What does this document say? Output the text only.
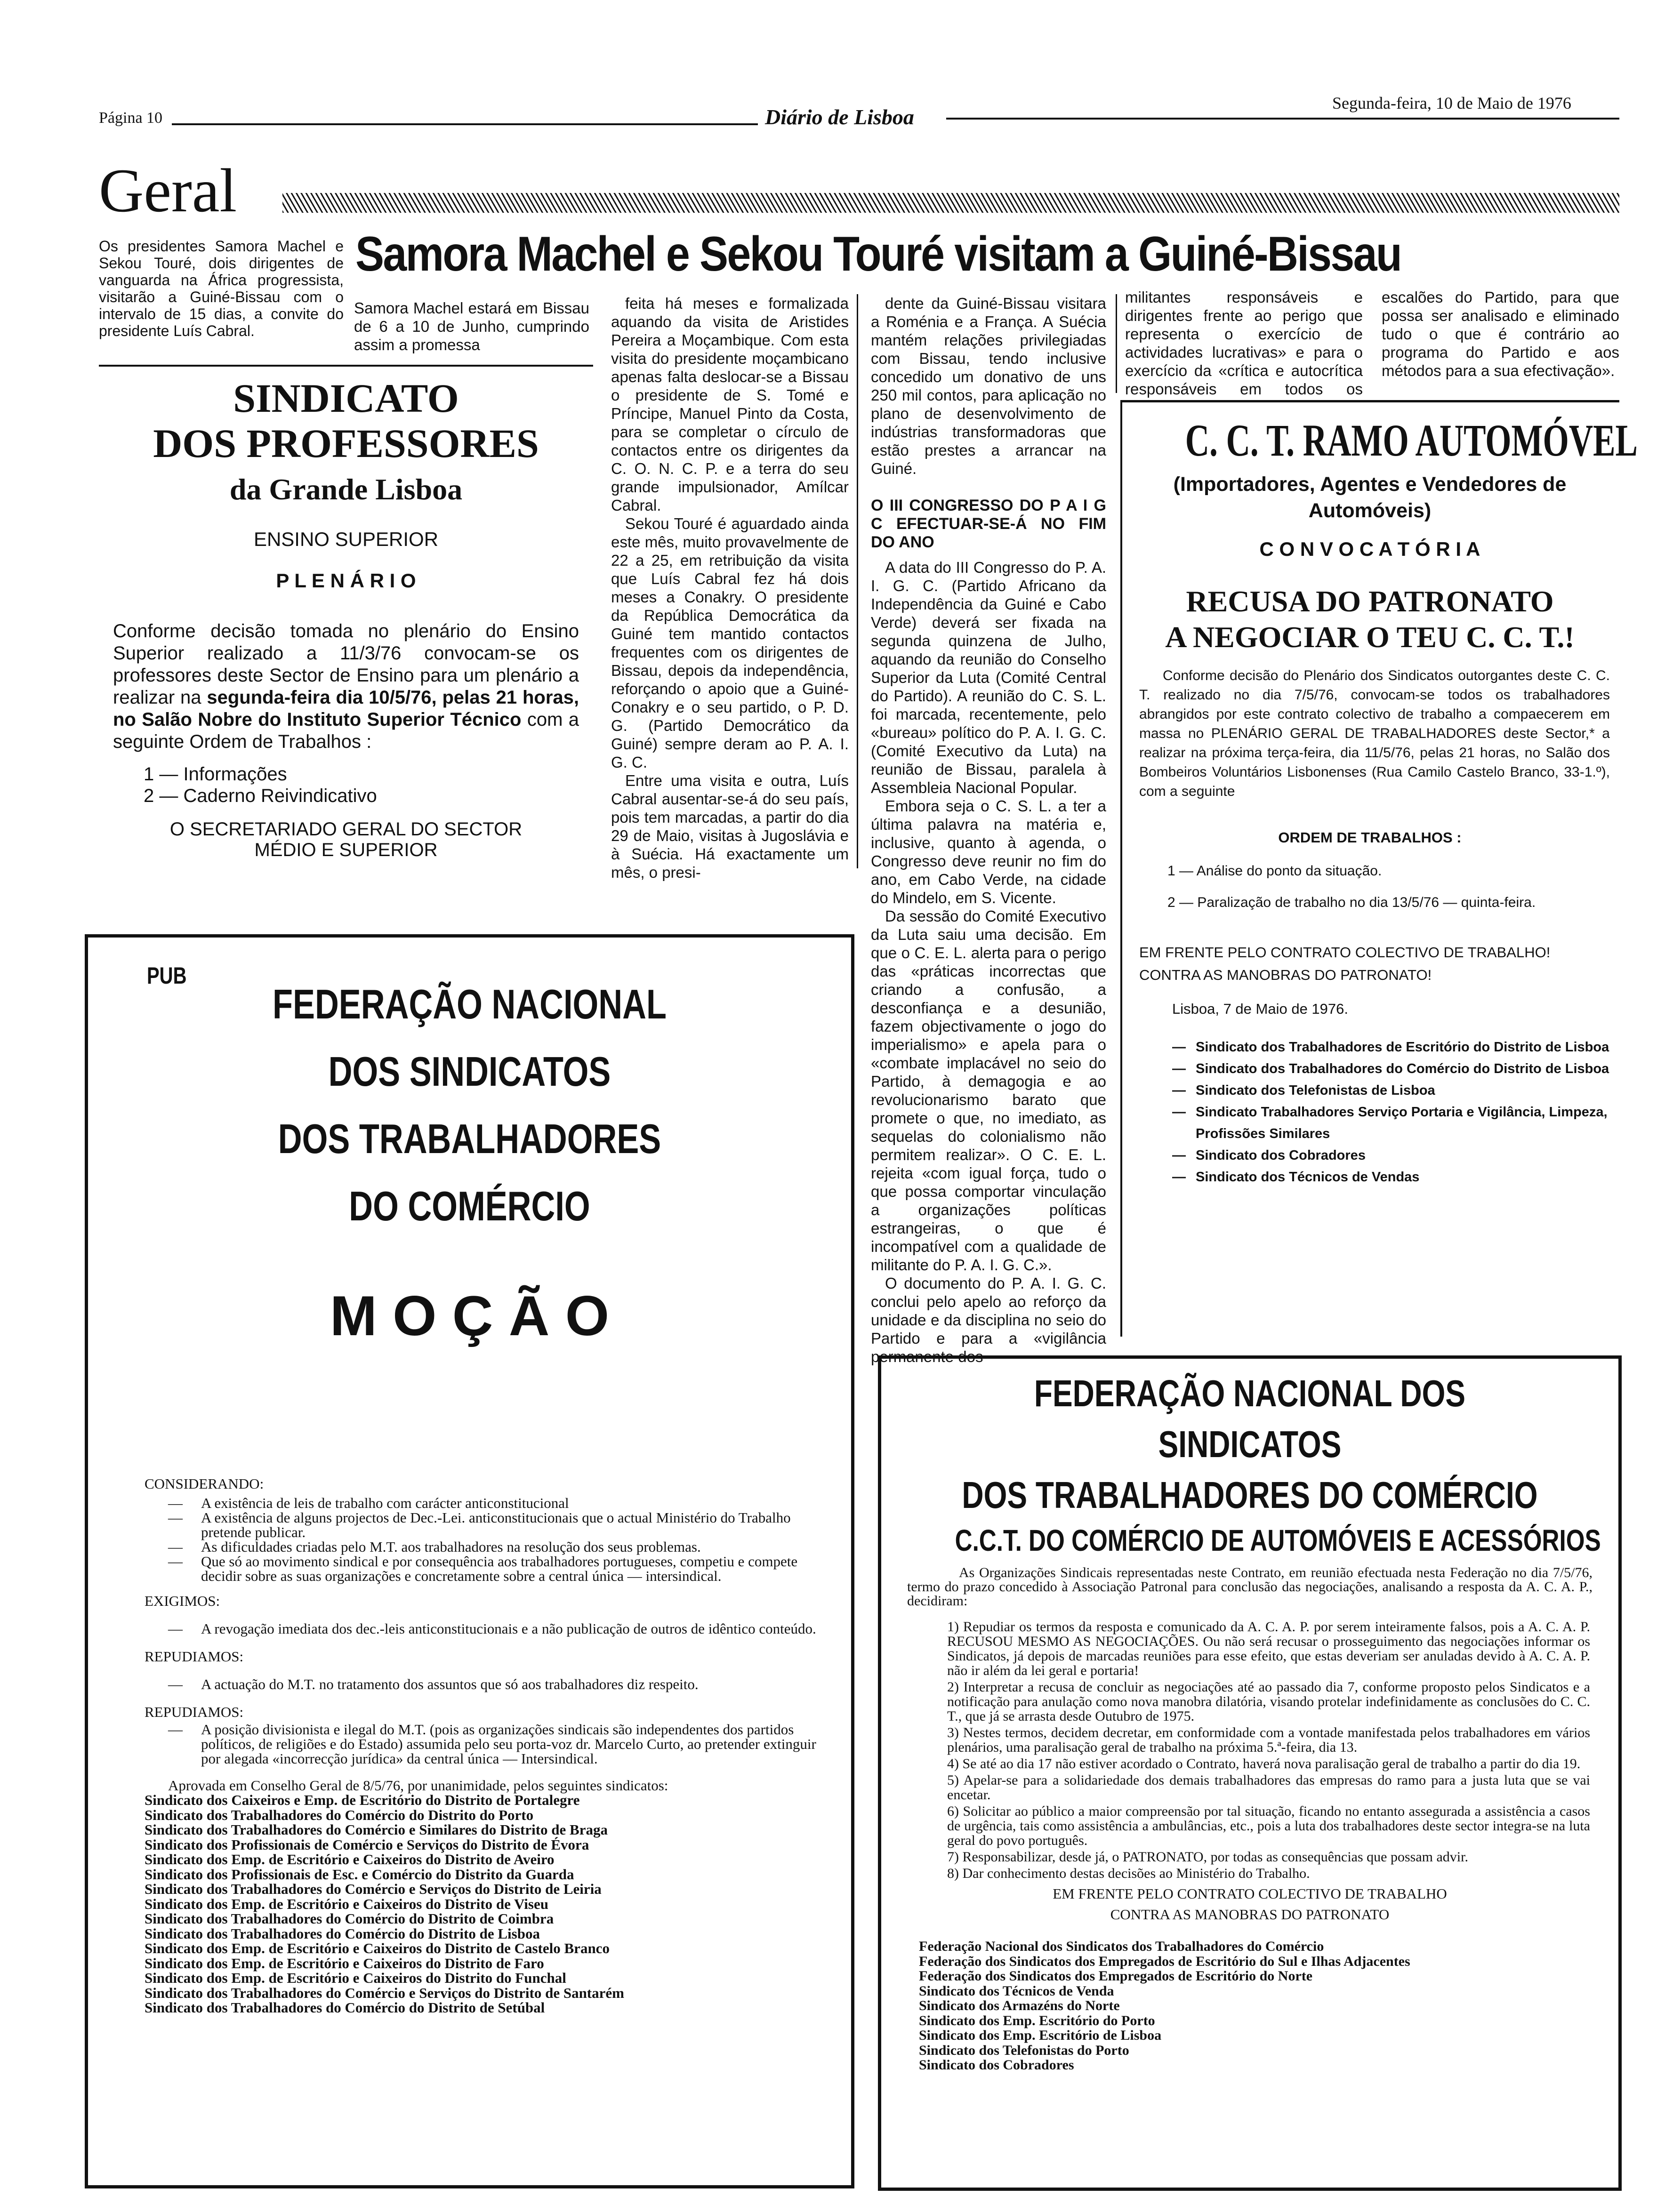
Página 10	Diário de Lisboa
Segunda-feira, 10 de Maio de 1976
Geral
Os presidentes Samora Machel e Sekou Touré, dois dirigentes de vanguarda na África progressista, visitarão a Guiné-Bissau com o intervalo de 15 dias, a convite do presidente Luís Cabral.
Samora Machel e Sekou Touré visitam a Guiné-Bissau
Samora Machel estará em Bissau de 6 a 10 de Junho, cumprindo assim a promessa

feita há meses e formalizada aquando da visita de Aristides Pereira a Moçambique. Com esta visita do presidente moçambicano apenas falta deslocar-se a Bissau o presidente de S. Tomé e Príncipe, Manuel Pinto da Costa, para se completar o círculo de contactos entre os dirigentes da C. O. N. C. P. e a terra do seu grande impulsionador, Amílcar Cabral.

Sekou Touré é aguardado ainda este mês, muito provavelmente de 22 a 25, em retribuição da visita que Luís Cabral fez há dois meses a Conakry. O presidente da República Democrática da Guiné tem mantido contactos frequentes com os dirigentes de Bissau, depois da independência, reforçando o apoio que a Guiné-Conakry e o seu partido, o P. D. G. (Partido Democrático da Guiné) sempre deram ao P. A. I. G. C.

Entre uma visita e outra, Luís Cabral ausentar-se-á do seu país, pois tem marcadas, a partir do dia 29 de Maio, visitas à Jugoslávia e à Suécia. Há exactamente um mês, o presi-

dente da Guiné-Bissau visitara a Roménia e a França. A Suécia mantém relações privilegiadas com Bissau, tendo inclusive concedido um donativo de uns 250 mil contos, para aplicação no plano de desenvolvimento de indústrias transformadoras que estão prestes a arrancar na Guiné.

O III CONGRESSO DO P A I G C EFECTUAR-SE-Á NO FIM DO ANO

A data do III Congresso do P. A. I. G. C. (Partido Africano da Independência da Guiné e Cabo Verde) deverá ser fixada na segunda quinzena de Julho, aquando da reunião do Conselho Superior da Luta (Comité Central do Partido). A reunião do C. S. L. foi marcada, recentemente, pelo «bureau» político do P. A. I. G. C. (Comité Executivo da Luta) na reunião de Bissau, paralela à Assembleia Nacional Popular.

Embora seja o C. S. L. a ter a última palavra na matéria e, inclusive, quanto à agenda, o Congresso deve reunir no fim do ano, em Cabo Verde, na cidade do Mindelo, em S. Vicente.

Da sessão do Comité Executivo da Luta saiu uma decisão. Em que o C. E. L. alerta para o perigo das «práticas incorrectas que criando a confusão, a desconfiança e a desunião, fazem objectivamente o jogo do imperialismo» e apela para o «combate implacável no seio do Partido, à demagogia e ao revolucionarismo barato que promete o que, no imediato, as sequelas do colonialismo não permitem realizar». O C. E. L. rejeita «com igual força, tudo o que possa comportar vinculação a organizações políticas estrangeiras, o que é incompatível com a qualidade de militante do P. A. I. G. C.».

O documento do P. A. I. G. C. conclui pelo apelo ao reforço da unidade e da disciplina no seio do Partido e para a «vigilância permanente dos

militantes responsáveis e dirigentes frente ao perigo que representa o exercício de actividades lucrativas» e para o exercício da «crítica e autocrítica responsáveis em todos os escalões do Partido, para que possa ser analisado e eliminado tudo o que é contrário ao programa do Partido e aos métodos para a sua efectivação».
SINDICATO
DOS PROFESSORES
da Grande Lisboa
ENSINO SUPERIOR
P L E N Á R I O
Conforme decisão tomada no plenário do Ensino Superior realizado a 11/3/76 convocam-se os professores deste Sector de Ensino para um plenário a realizar na segunda-feira dia 10/5/76, pelas 21 horas, no Salão Nobre do Instituto Superior Técnico com a seguinte Ordem de Trabalhos :
1 — Informações
2 — Caderno Reivindicativo
O SECRETARIADO GERAL DO SECTOR
MÉDIO E SUPERIOR
PUB
FEDERAÇÃO NACIONAL
DOS SINDICATOS
DOS TRABALHADORES
DO COMÉRCIO
M O Ç Ã O
CONSIDERANDO:
—	A existência de leis de trabalho com carácter anticonstitucional
—	A existência de alguns projectos de Dec.-Lei. anticonstitucionais que o actual Ministério do Trabalho pretende publicar.
—	As dificuldades criadas pelo M.T. aos trabalhadores na resolução dos seus problemas.
—	Que só ao movimento sindical e por consequência aos trabalhadores portugueses, competiu e compete decidir sobre as suas organizações e concretamente sobre a central única — intersindical.
EXIGIMOS:
—	A revogação imediata dos dec.-leis anticonstitucionais e a não publicação de outros de idêntico conteúdo.
REPUDIAMOS:
—	A actuação do M.T. no tratamento dos assuntos que só aos trabalhadores diz respeito.
REPUDIAMOS:
—	A posição divisionista e ilegal do M.T. (pois as organizações sindicais são independentes dos partidos políticos, de religiões e do Estado) assumida pelo seu porta-voz dr. Marcelo Curto, ao pretender extinguir por alegada «incorrecção jurídica» da central única — Intersindical.
Aprovada em Conselho Geral de 8/5/76, por unanimidade, pelos seguintes sindicatos:
Sindicato dos Caixeiros e Emp. de Escritório do Distrito de Portalegre
Sindicato dos Trabalhadores do Comércio do Distrito do Porto
Sindicato dos Trabalhadores do Comércio e Similares do Distrito de Braga
Sindicato dos Profissionais de Comércio e Serviços do Distrito de Évora
Sindicato dos Emp. de Escritório e Caixeiros do Distrito de Aveiro
Sindicato dos Profissionais de Esc. e Comércio do Distrito da Guarda
Sindicato dos Trabalhadores do Comércio e Serviços do Distrito de Leiria
Sindicato dos Emp. de Escritório e Caixeiros do Distrito de Viseu
Sindicato dos Trabalhadores do Comércio do Distrito de Coimbra
Sindicato dos Trabalhadores do Comércio do Distrito de Lisboa
Sindicato dos Emp. de Escritório e Caixeiros do Distrito de Castelo Branco
Sindicato dos Emp. de Escritório e Caixeiros do Distrito de Faro
Sindicato dos Emp. de Escritório e Caixeiros do Distrito do Funchal
Sindicato dos Trabalhadores do Comércio e Serviços do Distrito de Santarém
Sindicato dos Trabalhadores do Comércio do Distrito de Setúbal
C. C. T. RAMO AUTOMÓVEL
(Importadores, Agentes e Vendedores de Automóveis)
C O N V O C A T Ó R I A
RECUSA DO PATRONATO
A NEGOCIAR O TEU C. C. T.!
Conforme decisão do Plenário dos Sindicatos outorgantes deste C. C. T. realizado no dia 7/5/76, convocam-se todos os trabalhadores abrangidos por este contrato colectivo de trabalho a compaecerem em massa no PLENÁRIO GERAL DE TRABALHADORES deste Sector,* a realizar na próxima terça-feira, dia 11/5/76, pelas 21 horas, no Salão dos Bombeiros Voluntários Lisbonenses (Rua Camilo Castelo Branco, 33-1.º), com a seguinte
ORDEM DE TRABALHOS :
1 — Análise do ponto da situação.
2 — Paralização de trabalho no dia 13/5/76 — quinta-feira.
EM FRENTE PELO CONTRATO COLECTIVO DE TRABALHO!
CONTRA AS MANOBRAS DO PATRONATO!
Lisboa, 7 de Maio de 1976.
— Sindicato dos Trabalhadores de Escritório do Distrito de Lisboa
— Sindicato dos Trabalhadores do Comércio do Distrito de Lisboa
— Sindicato dos Telefonistas de Lisboa
— Sindicato Trabalhadores Serviço Portaria e Vigilância, Limpeza, Profissões Similares
— Sindicato dos Cobradores
— Sindicato dos Técnicos de Vendas
FEDERAÇÃO NACIONAL DOS SINDICATOS
DOS TRABALHADORES DO COMÉRCIO
C.C.T. DO COMÉRCIO DE AUTOMÓVEIS E ACESSÓRIOS
As Organizações Sindicais representadas neste Contrato, em reunião efectuada nesta Federação no dia 7/5/76, termo do prazo concedido à Associação Patronal para conclusão das negociações, analisando a resposta da A. C. A. P., decidiram:
1) Repudiar os termos da resposta e comunicado da A. C. A. P. por serem inteiramente falsos, pois a A. C. A. P. RECUSOU MESMO AS NEGOCIAÇÕES. Ou não será recusar o prosseguimento das negociações informar os Sindicatos, já depois de marcadas reuniões para esse efeito, que estas deveriam ser anuladas devido à A. C. A. P. não ir além da lei geral e portaria!
2) Interpretar a recusa de concluir as negociações até ao passado dia 7, conforme proposto pelos Sindicatos e a notificação para anulação como nova manobra dilatória, visando protelar indefinidamente as conclusões do C. C. T., que já se arrasta desde Outubro de 1975.
3) Nestes termos, decidem decretar, em conformidade com a vontade manifestada pelos trabalhadores em vários plenários, uma paralisação geral de trabalho na próxima 5.ª-feira, dia 13.
4) Se até ao dia 17 não estiver acordado o Contrato, haverá nova paralisação geral de trabalho a partir do dia 19.
5) Apelar-se para a solidariedade dos demais trabalhadores das empresas do ramo para a justa luta que se vai encetar.
6) Solicitar ao público a maior compreensão por tal situação, ficando no entanto assegurada a assistência a casos de urgência, tais como assistência a ambulâncias, etc., pois a luta dos trabalhadores deste sector integra-se na luta geral do povo português.
7) Responsabilizar, desde já, o PATRONATO, por todas as consequências que possam advir.
8) Dar conhecimento destas decisões ao Ministério do Trabalho.
EM FRENTE PELO CONTRATO COLECTIVO DE TRABALHO
CONTRA AS MANOBRAS DO PATRONATO
Federação Nacional dos Sindicatos dos Trabalhadores do Comércio
Federação dos Sindicatos dos Empregados de Escritório do Sul e Ilhas Adjacentes
Federação dos Sindicatos dos Empregados de Escritório do Norte
Sindicato dos Técnicos de Venda
Sindicato dos Armazéns do Norte
Sindicato dos Emp. Escritório do Porto
Sindicato dos Emp. Escritório de Lisboa
Sindicato dos Telefonistas do Porto
Sindicato dos Cobradores
